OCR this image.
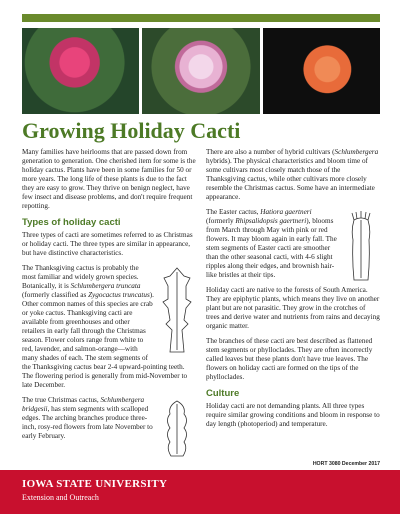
Growing Holiday Cacti

Many families have heirlooms that are passed down from generation to generation. One cherished item for some is the holiday cactus. Plants have been in some families for 50 or more years. The long life of these plants is due to the fact they are easy to grow. They thrive on benign neglect, have few insect and disease problems, and don't require frequent repotting.

Types of holiday cacti

Three types of cacti are sometimes referred to as Christmas or holiday cacti. The three types are similar in appearance, but have distinctive characteristics.

The Thanksgiving cactus is probably the most familiar and widely grown species. Botanically, it is Schlumbergera truncata (formerly classified as Zygocactus truncatus). Other common names of this species are crab or yoke cactus. Thanksgiving cacti are available from greenhouses and other retailers in early fall through the Christmas season. Flower colors range from white to red, lavender, and salmon-orange—with many shades of each. The stem segments of the Thanksgiving cactus bear 2-4 upward-pointing teeth. The flowering period is generally from mid-November to late December.

The true Christmas cactus, Schlumbergera bridgesii, has stem segments with scalloped edges. The arching branches produce three-inch, rosy-red flowers from late November to early February.

There are also a number of hybrid cultivars (Schlumbergera hybrids). The physical characteristics and bloom time of some cultivars most closely match those of the Thanksgiving cactus, while other cultivars more closely resemble the Christmas cactus. Some have an intermediate appearance.

The Easter cactus, Hatiora gaertneri (formerly Rhipsalidopsis gaertneri), blooms from March through May with pink or red flowers. It may bloom again in early fall. The stem segments of Easter cacti are smoother than the other seasonal cacti, with 4-6 slight ripples along their edges, and brownish hair-like bristles at their tips.

Holiday cacti are native to the forests of South America. They are epiphytic plants, which means they live on another plant but are not parasitic. They grow in the crotches of trees and derive water and nutrients from rains and decaying organic matter.

The branches of these cacti are best described as flattened stem segments or phylloclades. They are often incorrectly called leaves but these plants don't have true leaves. The flowers on holiday cacti are formed on the tips of the phylloclades.

Culture

Holiday cacti are not demanding plants. All three types require similar growing conditions and bloom in response to day length (photoperiod) and temperature.

HORT 3080 December 2017
IOWA STATE UNIVERSITY
Extension and Outreach
